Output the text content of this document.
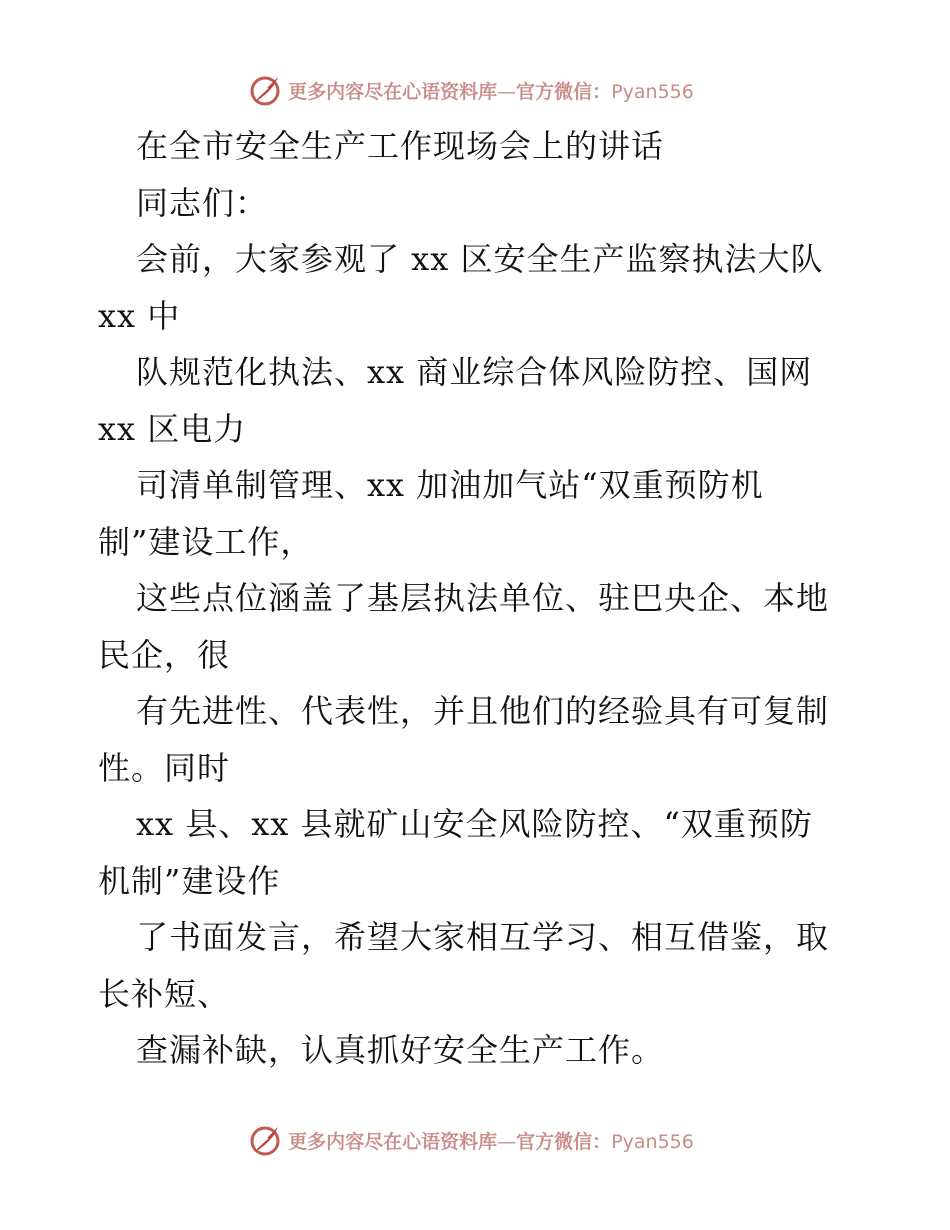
更多内容尽在心语资料库—官方微信：Pyan556
在全市安全生产工作现场会上的讲话
同志们：
会前，大家参观了 xx 区安全生产监察执法大队
xx 中
队规范化执法、xx 商业综合体风险防控、国网
xx 区电力
司清单制管理、xx 加油加气站“双重预防机
制”建设工作，
这些点位涵盖了基层执法单位、驻巴央企、本地
民企，很
有先进性、代表性，并且他们的经验具有可复制
性。同时
xx 县、xx 县就矿山安全风险防控、“双重预防
机制”建设作
了书面发言，希望大家相互学习、相互借鉴，取
长补短、
查漏补缺，认真抓好安全生产工作。
更多内容尽在心语资料库—官方微信：Pyan556
